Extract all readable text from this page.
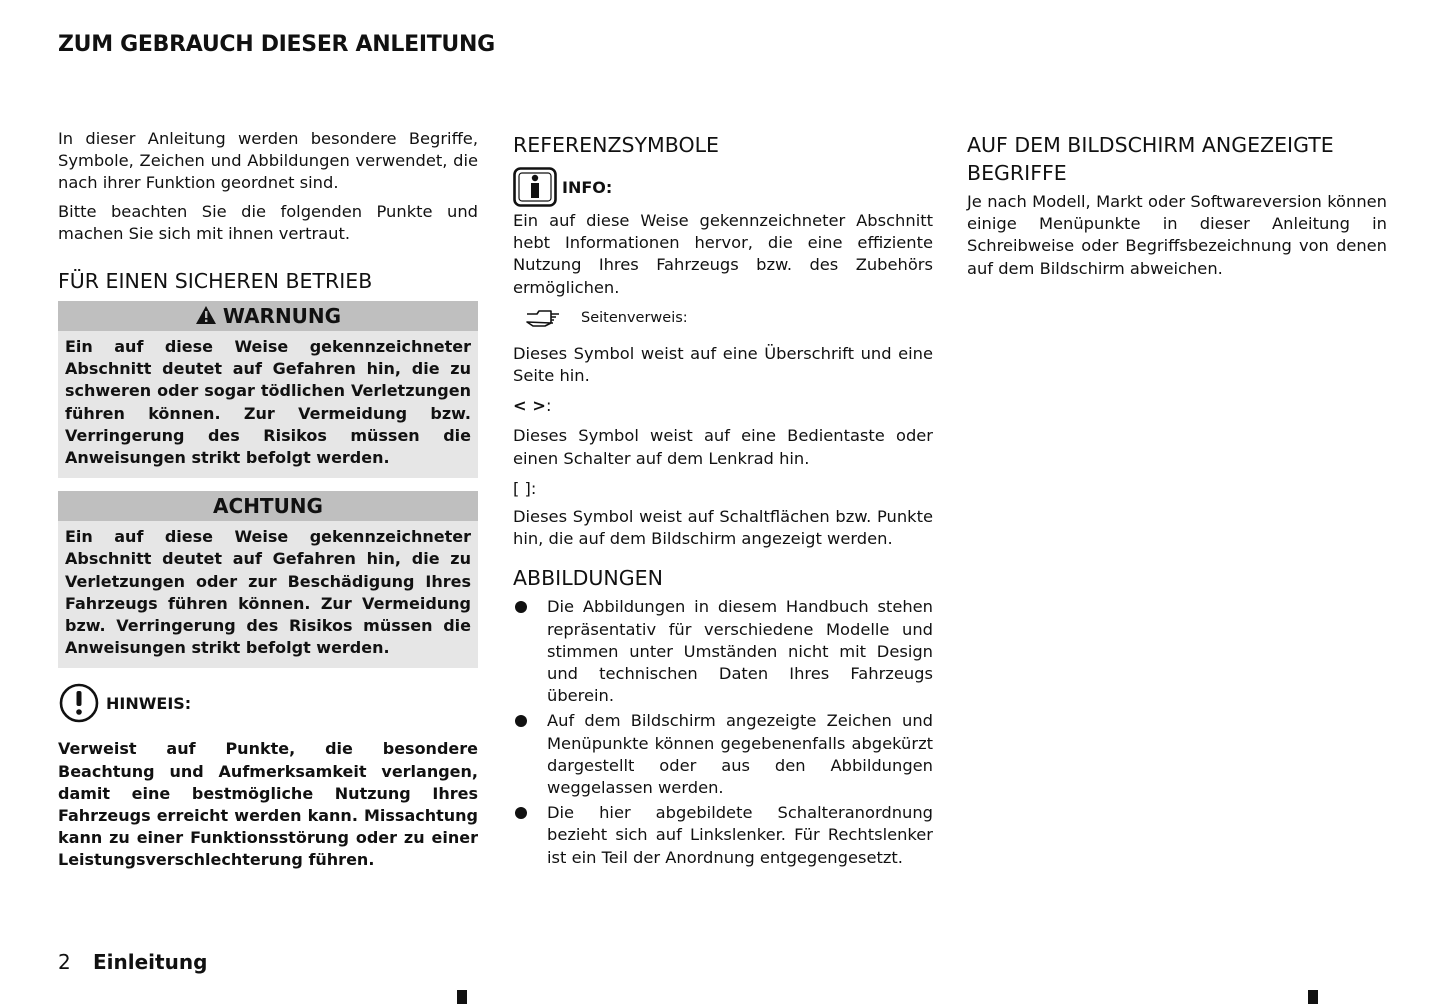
ZUM GEBRAUCH DIESER ANLEITUNG

In dieser Anleitung werden besondere Begriffe, Symbole, Zeichen und Abbildungen verwendet, die nach ihrer Funktion geordnet sind.

Bitte beachten Sie die folgenden Punkte und machen Sie sich mit ihnen vertraut.

FÜR EINEN SICHEREN BETRIEB
WARNUNG
Ein auf diese Weise gekennzeichneter Abschnitt deutet auf Gefahren hin, die zu schweren oder sogar tödlichen Verletzungen führen können. Zur Vermeidung bzw. Verringerung des Risikos müssen die Anweisungen strikt befolgt werden.
ACHTUNG
Ein auf diese Weise gekennzeichneter Abschnitt deutet auf Gefahren hin, die zu Verletzungen oder zur Beschädigung Ihres Fahrzeugs führen können. Zur Vermeidung bzw. Verringerung des Risikos müssen die Anweisungen strikt befolgt werden.
HINWEIS:

Verweist auf Punkte, die besondere Beachtung und Aufmerksamkeit verlangen, damit eine bestmögliche Nutzung Ihres Fahrzeugs erreicht werden kann. Missachtung kann zu einer Funktionsstörung oder zu einer Leistungsverschlechterung führen.

REFERENZSYMBOLE
INFO:

Ein auf diese Weise gekennzeichneter Abschnitt hebt Informationen hervor, die eine effiziente Nutzung Ihres Fahrzeugs bzw. des Zubehörs ermöglichen.

Seitenverweis:

Dieses Symbol weist auf eine Überschrift und eine Seite hin.

< >:

Dieses Symbol weist auf eine Bedientaste oder einen Schalter auf dem Lenkrad hin.

[ ]:

Dieses Symbol weist auf Schaltflächen bzw. Punkte hin, die auf dem Bildschirm angezeigt werden.

ABBILDUNGEN
Die Abbildungen in diesem Handbuch stehen repräsentativ für verschiedene Modelle und stimmen unter Umständen nicht mit Design und technischen Daten Ihres Fahrzeugs überein.
Auf dem Bildschirm angezeigte Zeichen und Menüpunkte können gegebenenfalls abgekürzt dargestellt oder aus den Abbildungen weggelassen werden.
Die hier abgebildete Schalteranordnung bezieht sich auf Linkslenker. Für Rechtslenker ist ein Teil der Anordnung entgegengesetzt.
AUF DEM BILDSCHIRM ANGEZEIGTE BEGRIFFE

Je nach Modell, Markt oder Softwareversion können einige Menüpunkte in dieser Anleitung in Schreibweise oder Begriffsbezeichnung von denen auf dem Bildschirm abweichen.

2 Einleitung
